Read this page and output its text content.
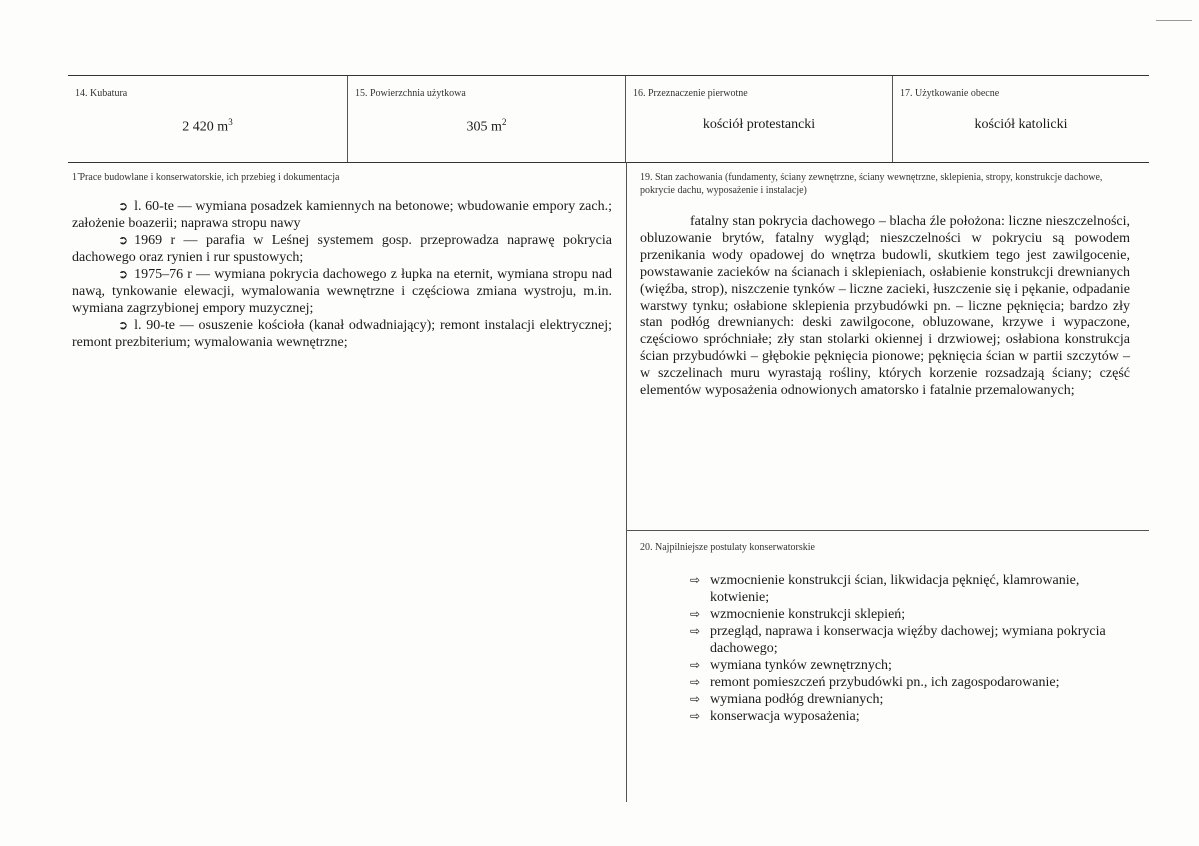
14. Kubatura
2 420 $m^3$
15. Powierzchnia użytkowa
305 $m^2$
16. Przeznaczenie pierwotne
kościół protestancki
17. Użytkowanie obecne
kościół katolicki
1̃ Prace budowlane i konserwatorskie, ich przebieg i dokumentacja

➲ l. 60-te — wymiana posadzek kamiennych na betonowe; wbudowanie empory zach.; założenie boazerii; naprawa stropu nawy

➲ 1969 r — parafia w Leśnej systemem gosp. przeprowadza naprawę pokrycia dachowego oraz rynien i rur spustowych;

➲ 1975–76 r — wymiana pokrycia dachowego z łupka na eternit, wymiana stropu nad nawą, tynkowanie elewacji, wymalowania wewnętrzne i częściowa zmiana wystroju, m.in. wymiana zagrzybionej empory muzycznej;

➲ l. 90-te — osuszenie kościoła (kanał odwadniający); remont instalacji elektrycznej; remont prezbiterium; wymalowania wewnętrzne;

19. Stan zachowania (fundamenty, ściany zewnętrzne, ściany wewnętrzne, sklepienia, stropy, konstrukcje dachowe, pokrycie dachu, wyposażenie i instalacje)

fatalny stan pokrycia dachowego – blacha źle położona: liczne nieszczelności, obluzowanie brytów, fatalny wygląd; nieszczelności w pokryciu są powodem przenikania wody opadowej do wnętrza budowli, skutkiem tego jest zawilgocenie, powstawanie zacieków na ścianach i sklepieniach, osłabienie konstrukcji drewnianych (więźba, strop), niszczenie tynków – liczne zacieki, łuszczenie się i pękanie, odpadanie warstwy tynku; osłabione sklepienia przybudówki pn. – liczne pęknięcia; bardzo zły stan podłóg drewnianych: deski zawilgocone, obluzowane, krzywe i wypaczone, częściowo spróchniałe; zły stan stolarki okiennej i drzwiowej; osłabiona konstrukcja ścian przybudówki – głębokie pęknięcia pionowe; pęknięcia ścian w partii szczytów – w szczelinach muru wyrastają rośliny, których korzenie rozsadzają ściany; część elementów wyposażenia odnowionych amatorsko i fatalnie przemalowanych;

20. Najpilniejsze postulaty konserwatorskie
⇨ wzmocnienie konstrukcji ścian, likwidacja pęknięć, klamrowanie, kotwienie;
⇨ wzmocnienie konstrukcji sklepień;
⇨ przegląd, naprawa i konserwacja więźby dachowej; wymiana pokrycia dachowego;
⇨ wymiana tynków zewnętrznych;
⇨ remont pomieszczeń przybudówki pn., ich zagospodarowanie;
⇨ wymiana podłóg drewnianych;
⇨ konserwacja wyposażenia;
